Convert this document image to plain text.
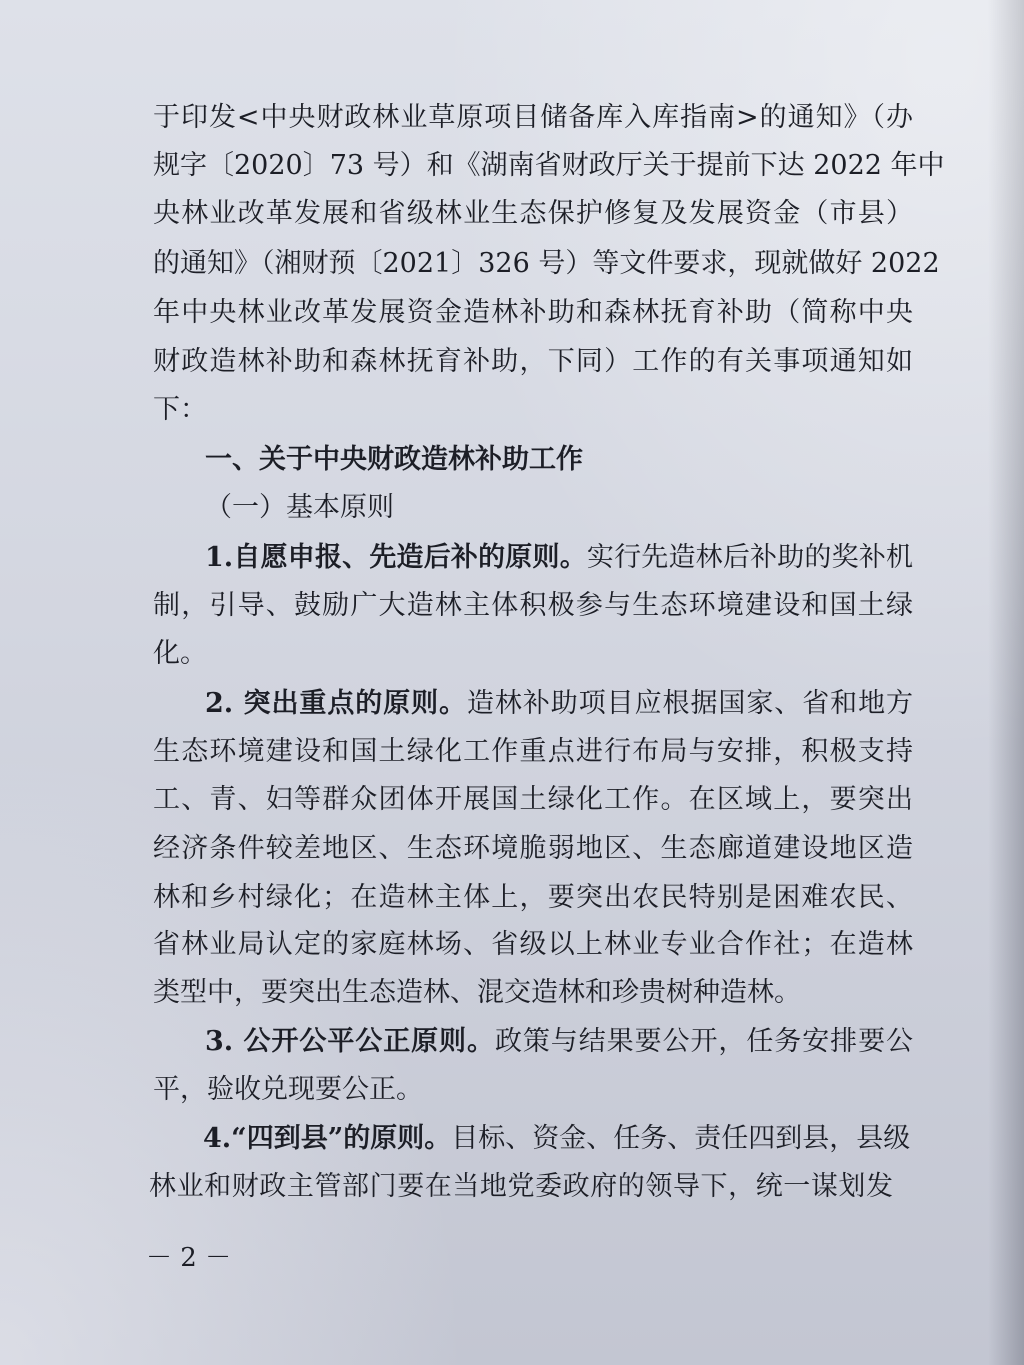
于印发<中央财政林业草原项目储备库入库指南>的通知》（办
规字〔2020〕73 号）和《湖南省财政厅关于提前下达 2022 年中
央林业改革发展和省级林业生态保护修复及发展资金（市县）
的通知》（湘财预〔2021〕326 号）等文件要求，现就做好 2022
年中央林业改革发展资金造林补助和森林抚育补助（简称中央
财政造林补助和森林抚育补助，下同）工作的有关事项通知如
下：
一、关于中央财政造林补助工作
（一）基本原则
1.自愿申报、先造后补的原则。实行先造林后补助的奖补机
制，引导、鼓励广大造林主体积极参与生态环境建设和国土绿
化。
2. 突出重点的原则。造林补助项目应根据国家、省和地方
生态环境建设和国土绿化工作重点进行布局与安排，积极支持
工、青、妇等群众团体开展国土绿化工作。在区域上，要突出
经济条件较差地区、生态环境脆弱地区、生态廊道建设地区造
林和乡村绿化；在造林主体上，要突出农民特别是困难农民、
省林业局认定的家庭林场、省级以上林业专业合作社；在造林
类型中，要突出生态造林、混交造林和珍贵树种造林。
3. 公开公平公正原则。政策与结果要公开，任务安排要公
平，验收兑现要公正。
4.“四到县”的原则。目标、资金、任务、责任四到县，县级
林业和财政主管部门要在当地党委政府的领导下，统一谋划发
－ 2 －
